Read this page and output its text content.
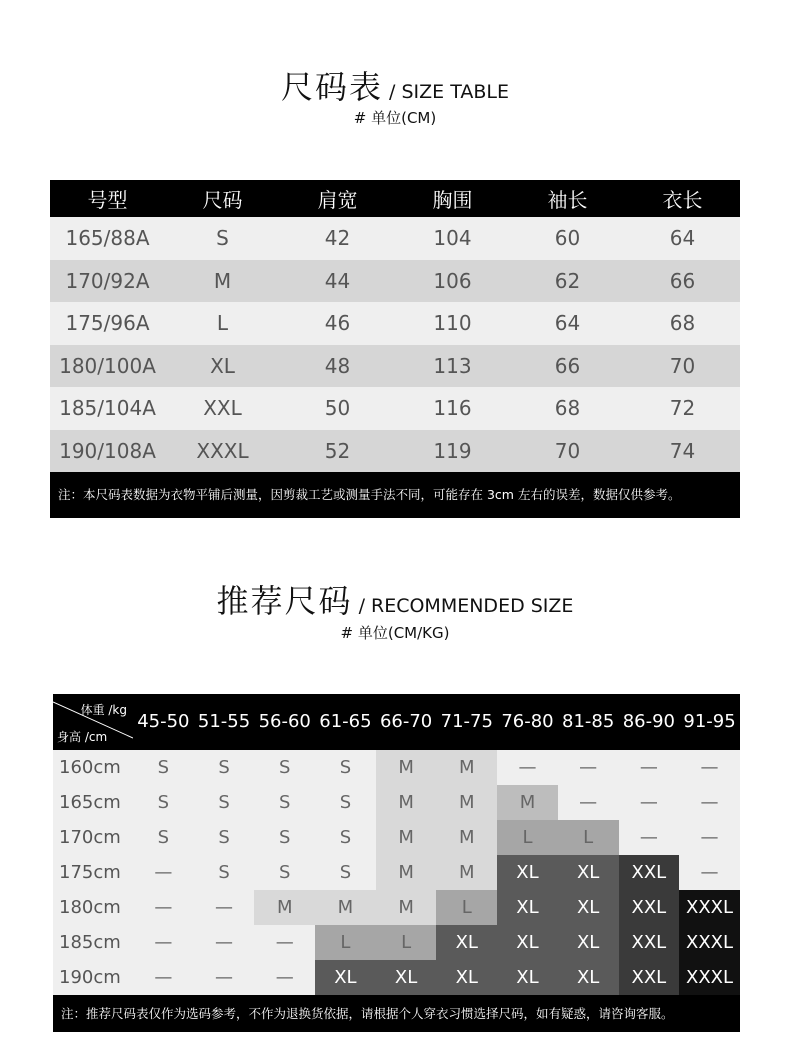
尺码表 / SIZE TABLE
# 单位(CM)
号型	尺码	肩宽	胸围	袖长	衣长
165/88A	S	42	104	60	64
170/92A	M	44	106	62	66
175/96A	L	46	110	64	68
180/100A	XL	48	113	66	70
185/104A	XXL	50	116	68	72
190/108A	XXXL	52	119	70	74
注：本尺码表数据为衣物平铺后测量，因剪裁工艺或测量手法不同，可能存在 3cm 左右的误差，数据仅供参考。
推荐尺码 / RECOMMENDED SIZE
# 单位(CM/KG)
体重 /kg
身高 /cm
45-50 51-55 56-60 61-65 66-70 71-75 76-80 81-85 86-90 91-95
160cm	S	S	S	S	M	M	—	—	—	—
165cm	S	S	S	S	M	M	M	—	—	—
170cm	S	S	S	S	M	M	L	L	—	—
175cm	—	S	S	S	M	M	XL	XL	XXL	—
180cm	—	—	M	M	M	L	XL	XL	XXL	XXXL
185cm	—	—	—	L	L	XL	XL	XL	XXL	XXXL
190cm	—	—	—	XL	XL	XL	XL	XL	XXL	XXXL
注：推荐尺码表仅作为选码参考，不作为退换货依据，请根据个人穿衣习惯选择尺码，如有疑惑，请咨询客服。
